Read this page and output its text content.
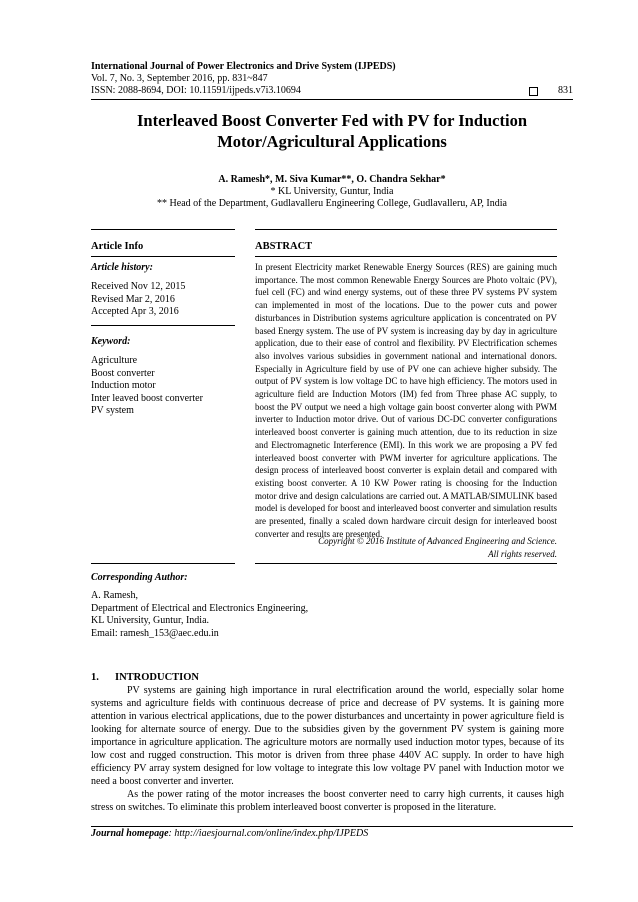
International Journal of Power Electronics and Drive System (IJPEDS)
Vol. 7, No. 3, September 2016, pp. 831~847
ISSN: 2088-8694, DOI: 10.11591/ijpeds.v7i3.10694	831
Interleaved Boost Converter Fed with PV for Induction Motor/Agricultural Applications
A. Ramesh*, M. Siva Kumar**, O. Chandra Sekhar*
* KL University, Guntur, India
** Head of the Department, Gudlavalleru Engineering College, Gudlavalleru, AP, India
Article Info
Article history:
Received Nov 12, 2015
Revised Mar 2, 2016
Accepted Apr 3, 2016
Keyword:
Agriculture
Boost converter
Induction motor
Inter leaved boost converter
PV system
ABSTRACT
In present Electricity market Renewable Energy Sources (RES) are gaining much importance. The most common Renewable Energy Sources are Photo voltaic (PV), fuel cell (FC) and wind energy systems, out of these three PV systems PV system can implemented in most of the locations. Due to the power cuts and power disturbances in Distribution systems agriculture application is concentrated on PV based Energy system. The use of PV system is increasing day by day in agriculture application, due to their ease of control and flexibility. PV Electrification schemes also involves various subsidies in government national and international donors. Especially in Agriculture field by use of PV one can achieve higher subsidy. The output of PV system is low voltage DC to have high efficiency. The motors used in agriculture field are Induction Motors (IM) fed from Three phase AC supply, to boost the PV output we need a high voltage gain boost converter along with PWM inverter to Induction motor drive. Out of various DC-DC converter configurations interleaved boost converter is gaining much attention, due to its reduction in size and Electromagnetic Interference (EMI). In this work we are proposing a PV fed interleaved boost converter with PWM inverter for agriculture applications. The design process of interleaved boost converter is explain detail and compared with existing boost converter. A 10 KW Power rating is choosing for the Induction motor drive and design calculations are carried out. A MATLAB/SIMULINK based model is developed for boost and interleaved boost converter and simulation results are presented, finally a scaled down hardware circuit design for interleaved boost converter and results are presented.
Copyright © 2016 Institute of Advanced Engineering and Science.
All rights reserved.
Corresponding Author:
A. Ramesh,
Department of Electrical and Electronics Engineering,
KL University, Guntur, India.
Email: ramesh_153@aec.edu.in
1. INTRODUCTION

PV systems are gaining high importance in rural electrification around the world, especially solar home systems and agriculture fields with continuous decrease of price and decrease of PV systems. It is gaining more attention in various electrical applications, due to the power disturbances and uncertainty in power agriculture field is looking for alternate source of energy. Due to the subsidies given by the government PV system is gaining more importance in agriculture application. The agriculture motors are normally used induction motor types, because of its low cost and rugged construction. This motor is driven from three phase 440V AC supply. In order to have high efficiency PV array system designed for low voltage to integrate this low voltage PV panel with Induction motor we need a boost converter and inverter.

As the power rating of the motor increases the boost converter need to carry high currents, it causes high stress on switches. To eliminate this problem interleaved boost converter is proposed in the literature.

Journal homepage: http://iaesjournal.com/online/index.php/IJPEDS
